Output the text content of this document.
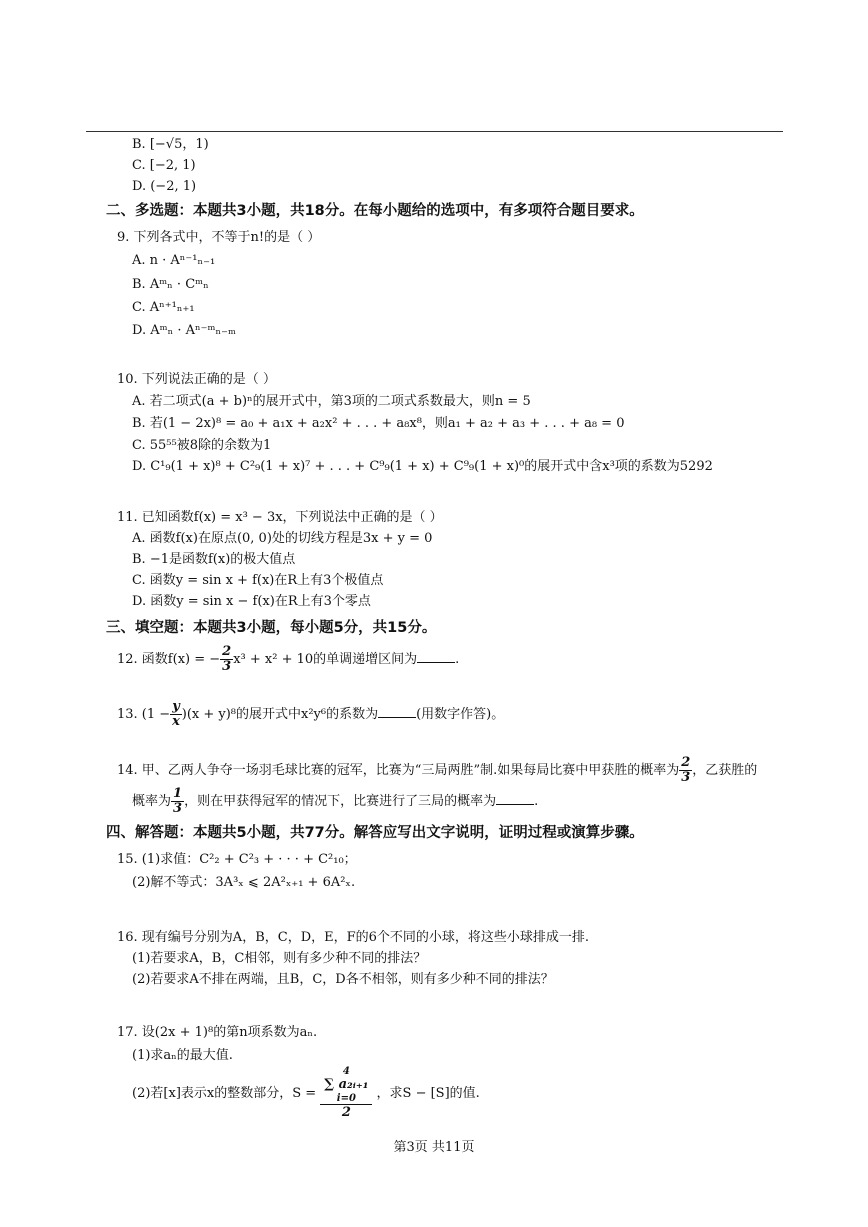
B. [−√5，1)
C. [−2, 1)
D. (−2, 1)
二、多选题：本题共3小题，共18分。在每小题给的选项中，有多项符合题目要求。
9. 下列各式中，不等于n!的是（ ）
A. n · Aⁿ⁻¹ₙ₋₁
B. Aᵐₙ · Cᵐₙ
C. Aⁿ⁺¹ₙ₊₁
D. Aᵐₙ · Aⁿ⁻ᵐₙ₋ₘ
10. 下列说法正确的是（ ）
A. 若二项式(a + b)ⁿ的展开式中，第3项的二项式系数最大，则n = 5
B. 若(1 − 2x)⁸ = a₀ + a₁x + a₂x² + . . . + a₈x⁸，则a₁ + a₂ + a₃ + . . . + a₈ = 0
C. 55⁵⁵被8除的余数为1
D. C¹₉(1 + x)⁸ + C²₉(1 + x)⁷ + . . . + C⁹₉(1 + x) + C⁹₉(1 + x)⁰的展开式中含x³项的系数为5292
11. 已知函数f(x) = x³ − 3x，下列说法中正确的是（ ）
A. 函数f(x)在原点(0, 0)处的切线方程是3x + y = 0
B. −1是函数f(x)的极大值点
C. 函数y = sin x + f(x)在R上有3个极值点
D. 函数y = sin x − f(x)在R上有3个零点
三、填空题：本题共3小题，每小题5分，共15分。
12. 函数f(x) = − $\frac{2}{3} x^3 + x^2 + 10$的单调递增区间为	.
13. $(1 - \frac{y}{x} )(x + y)^8$的展开式中x²y⁶的系数为	(用数字作答)。
14. 甲、乙两人争夺一场羽毛球比赛的冠军，比赛为“三局两胜”制.如果每局比赛中甲获胜的概率为 $\frac{2}{3}$ ，乙获胜的
概率为 $\frac{1}{3}$ ，则在甲获得冠军的情况下，比赛进行了三局的概率为	.
四、解答题：本题共5小题，共77分。解答应写出文字说明，证明过程或演算步骤。
15. (1)求值：C²₂ + C²₃ + · · · + C²₁₀；
(2)解不等式：3A³ₓ ⩽ 2A²ₓ₊₁ + 6A²ₓ.
16. 现有编号分别为A，B，C，D，E，F的6个不同的小球，将这些小球排成一排.
(1)若要求A，B，C相邻，则有多少种不同的排法？
(2)若要求A不排在两端，且B，C，D各不相邻，则有多少种不同的排法？
17. 设(2x + 1)⁸的第n项系数为aₙ.
(1)求aₙ的最大值.
(2)若[x]表示x的整数部分，S = 4
∑ a₂ᵢ₊₁
i=0
2 ，求S − [S]的值.
第3页 共11页
